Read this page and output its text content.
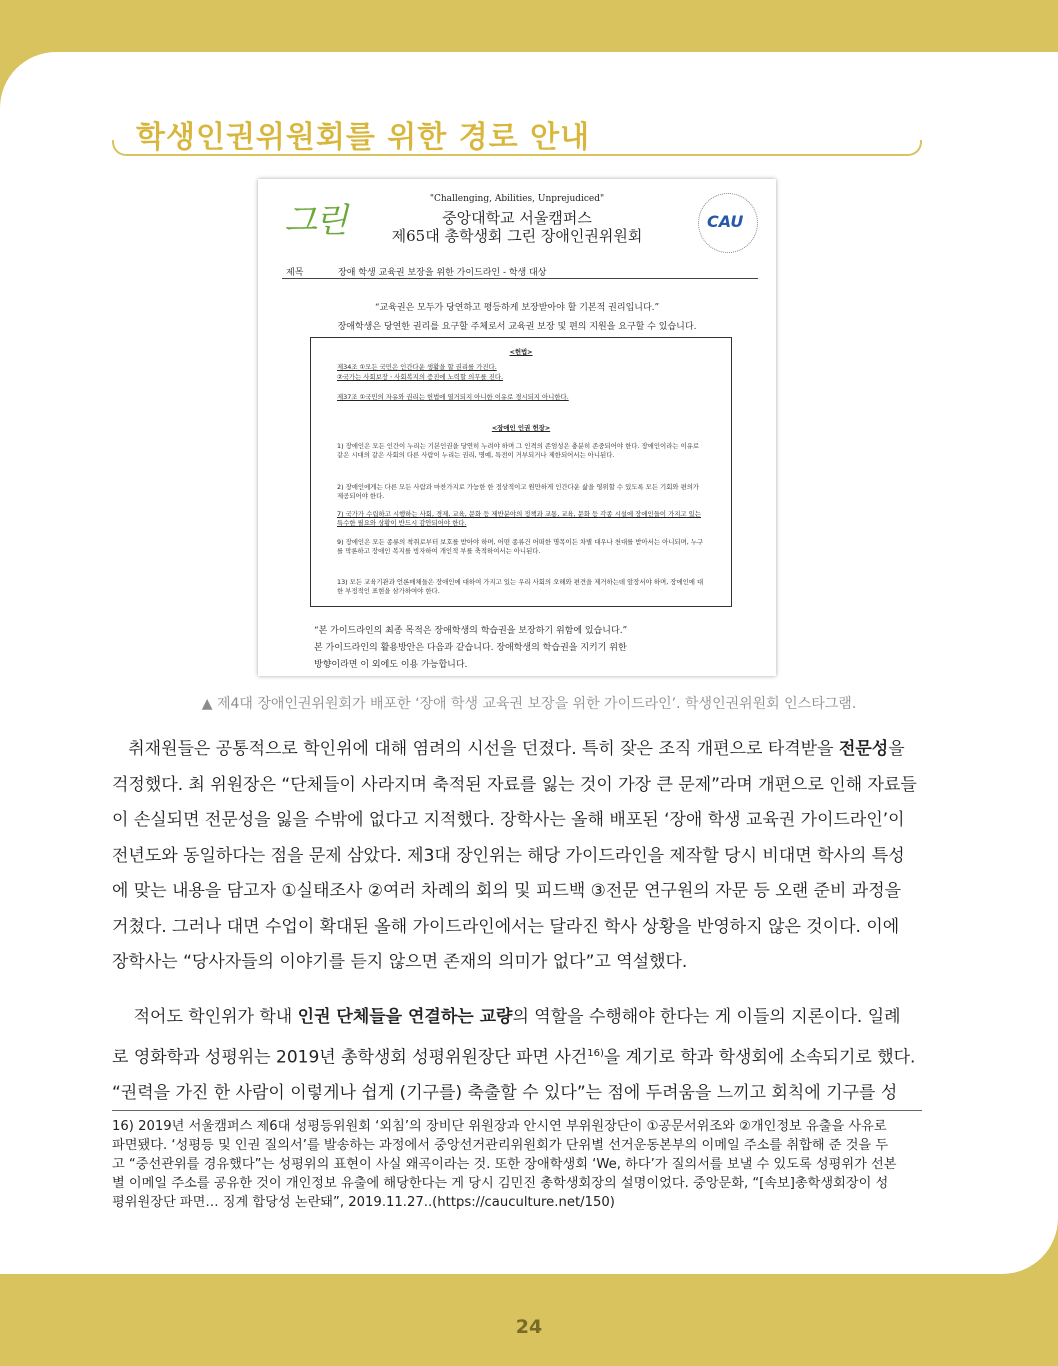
학생인권위원회를 위한 경로 안내
그린
"Challenging, Abilities, Unprejudiced"
중앙대학교 서울캠퍼스
제65대 총학생회 그린 장애인권위원회
CAU
제목	장애 학생 교육권 보장을 위한 가이드라인 - 학생 대상
“교육권은 모두가 당연하고 평등하게 보장받아야 할 기본적 권리입니다.”
장애학생은 당연한 권리를 요구할 주체로서 교육권 보장 및 편의 지원을 요구할 수 있습니다.
<헌법>
제34조 ①모든 국민은 인간다운 생활을 할 권리를 가진다.
②국가는 사회보장ㆍ사회복지의 증진에 노력할 의무를 진다.
제37조 ①국민의 자유와 권리는 헌법에 열거되지 아니한 이유로 경시되지 아니한다.
<장애인 인권 헌장>
1) 장애인은 모든 인간이 누리는 기본인권을 당연히 누려야 하며 그 인격의 존엄성은 충분히 존중되어야 한다. 장애인이라는 이유로 같은 시대의 같은 사회의 다른 사람이 누리는 권리, 명예, 특전이 거부되거나 제한되어서는 아니된다.
2) 장애인에게는 다른 모든 사람과 마찬가지로 가능한 한 정상적이고 원만하게 인간다운 삶을 영위할 수 있도록 모든 기회와 편의가 제공되어야 한다.
7) 국가가 수립하고 시행하는 사회, 경제, 교육, 문화 등 제반분야의 정책과 교통, 교육, 문화 등 각종 시설에 장애인들이 가지고 있는 특수한 필요와 상황이 반드시 감안되어야 한다.
9) 장애인은 모든 종류의 착취로부터 보호를 받아야 하며, 어떤 종류건 어떠한 명목이든 차별 대우나 천대를 받아서는 아니되며, 누구를 막론하고 장애인 복지를 빙자하여 개인적 부를 축적하여서는 아니된다.
13) 모든 교육기관과 언론매체들은 장애인에 대하여 가지고 있는 우리 사회의 오해와 편견을 제거하는데 앞장서야 하며, 장애인에 대한 부정적인 표현을 삼가하여야 한다.
“본 가이드라인의 최종 목적은 장애학생의 학습권을 보장하기 위함에 있습니다.”
본 가이드라인의 활용방안은 다음과 같습니다. 장애학생의 학습권을 지키기 위한
방향이라면 이 외에도 이용 가능합니다.
▲ 제4대 장애인권위원회가 배포한 ‘장애 학생 교육권 보장을 위한 가이드라인’. 학생인권위원회 인스타그램.
취재원들은 공통적으로 학인위에 대해 염려의 시선을 던졌다. 특히 잦은 조직 개편으로 타격받을 전문성을
걱정했다. 최 위원장은 “단체들이 사라지며 축적된 자료를 잃는 것이 가장 큰 문제”라며 개편으로 인해 자료들
이 손실되면 전문성을 잃을 수밖에 없다고 지적했다. 장학사는 올해 배포된 ‘장애 학생 교육권 가이드라인’이
전년도와 동일하다는 점을 문제 삼았다. 제3대 장인위는 해당 가이드라인을 제작할 당시 비대면 학사의 특성
에 맞는 내용을 담고자 ①실태조사 ②여러 차례의 회의 및 피드백 ③전문 연구원의 자문 등 오랜 준비 과정을
거쳤다. 그러나 대면 수업이 확대된 올해 가이드라인에서는 달라진 학사 상황을 반영하지 않은 것이다. 이에
장학사는 “당사자들의 이야기를 듣지 않으면 존재의 의미가 없다”고 역설했다.
적어도 학인위가 학내 인권 단체들을 연결하는 교량의 역할을 수행해야 한다는 게 이들의 지론이다. 일례
로 영화학과 성평위는 2019년 총학생회 성평위원장단 파면 사건$^{16)}$을 계기로 학과 학생회에 소속되기로 했다.
“권력을 가진 한 사람이 이렇게나 쉽게 (기구를) 축출할 수 있다”는 점에 두려움을 느끼고 회칙에 기구를 성
16) 2019년 서울캠퍼스 제6대 성평등위원회 ‘외침’의 장비단 위원장과 안시연 부위원장단이 ①공문서위조와 ②개인정보 유출을 사유로
파면됐다. ‘성평등 및 인권 질의서’를 발송하는 과정에서 중앙선거관리위원회가 단위별 선거운동본부의 이메일 주소를 취합해 준 것을 두
고 “중선관위를 경유했다”는 성평위의 표현이 사실 왜곡이라는 것. 또한 장애학생회 ‘We, 하다’가 질의서를 보낼 수 있도록 성평위가 선본
별 이메일 주소를 공유한 것이 개인정보 유출에 해당한다는 게 당시 김민진 총학생회장의 설명이었다. 중앙문화, “[속보]총학생회장이 성
평위원장단 파면… 징계 합당성 논란돼”, 2019.11.27..(https://cauculture.net/150)
24
